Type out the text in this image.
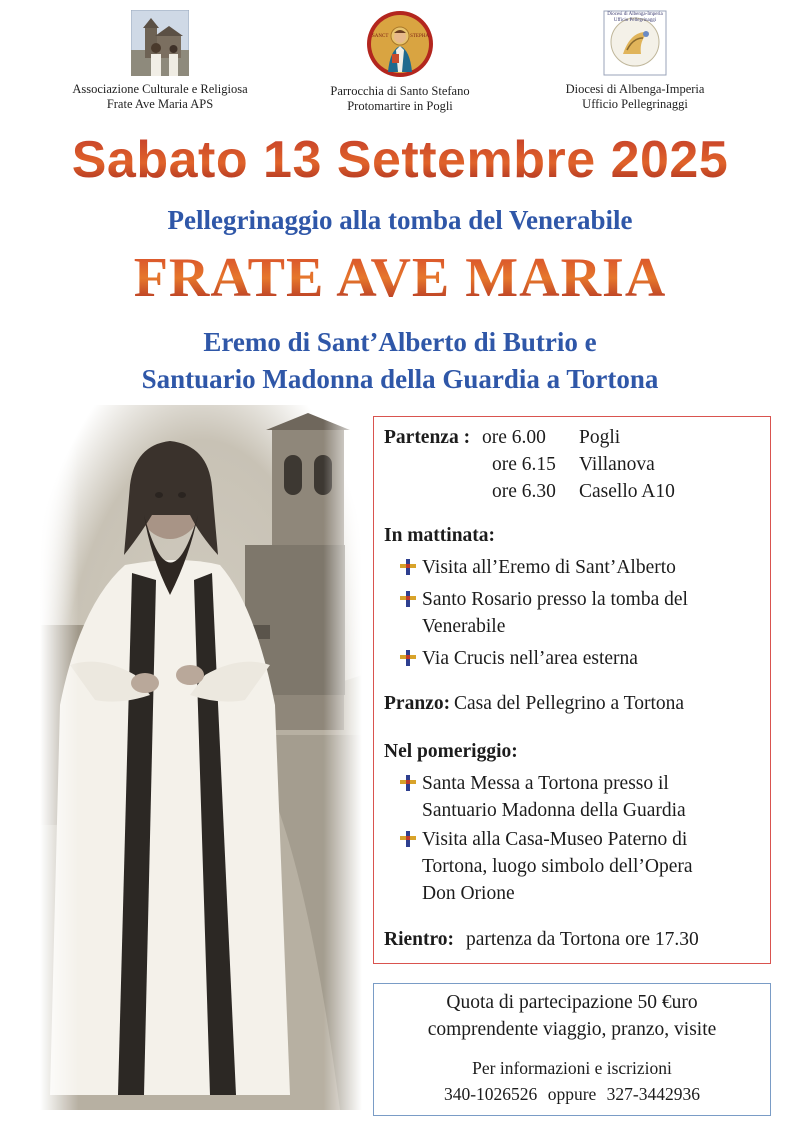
Associazione Culturale e Religiosa
Frate Ave Maria APS
SANCT	STEPHA
Parrocchia di Santo Stefano
Protomartire in Pogli
Diocesi di Albenga-Imperia Ufficio Pellegrinaggi
Diocesi di Albenga-Imperia
Ufficio Pellegrinaggi
Sabato 13 Settembre 2025
Pellegrinaggio alla tomba del Venerabile
FRATE AVE MARIA
Eremo di Sant’Alberto di Butrio e
Santuario Madonna della Guardia a Tortona
Partenza : ore 6.00 Pogli
ore 6.15 Villanova
ore 6.30 Casello A10
In mattinata:
Visita all’Eremo di Sant’Alberto
Santo Rosario presso la tomba del
Venerabile
Via Crucis nell’area esterna
Pranzo: Casa del Pellegrino a Tortona
Nel pomeriggio:
Santa Messa a Tortona presso il
Santuario Madonna della Guardia
Visita alla Casa-Museo Paterno di
Tortona, luogo simbolo dell’Opera
Don Orione
Rientro: partenza da Tortona ore 17.30
Quota di partecipazione 50 €uro
comprendente viaggio, pranzo, visite
Per informazioni e iscrizioni
340-1026526 oppure 327-3442936
